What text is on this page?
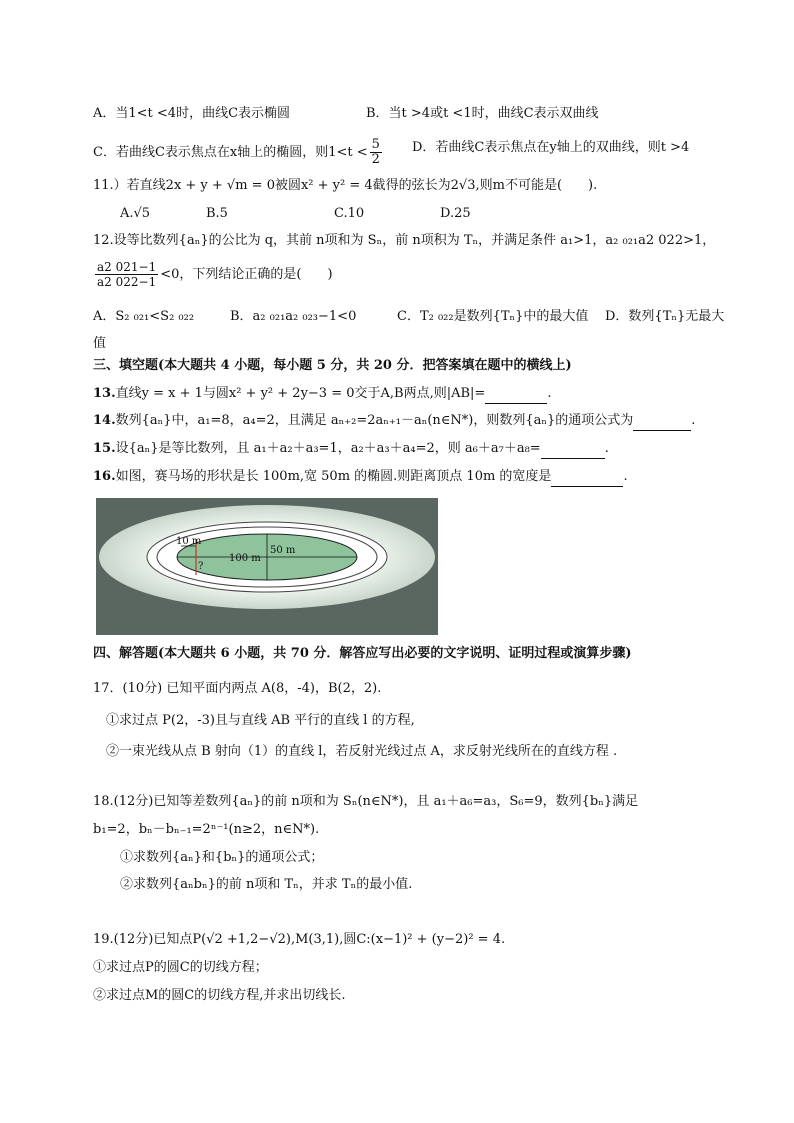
A．当1<t <4时，曲线C表示椭圆	B．当t >4或t <1时，曲线C表示双曲线
C．若曲线C表示焦点在x轴上的椭圆，则$1<t < \frac{5}{2}$ D．若曲线C表示焦点在y轴上的双曲线，则t >4
11.）若直线2x + y + √m = 0被圆x² + y² = 4截得的弦长为2√3,则m不可能是(　　).
A.√5	B.5	C.10	D.25
12.设等比数列{aₙ}的公比为 q，其前 n项和为 Sₙ，前 n项积为 Tₙ，并满足条件 a₁>1，a₂ ₀₂₁a2 022>1，
$\frac{a2 021-1}{a2 022-1} <0$，下列结论正确的是(　　)
A．S₂ ₀₂₁<S₂ ₀₂₂	B．a₂ ₀₂₁a₂ ₀₂₃−1<0	C．T₂ ₀₂₂是数列{Tₙ}中的最大值 D．数列{Tₙ}无最大
值
三、填空题(本大题共 4 小题，每小题 5 分，共 20 分．把答案填在题中的横线上)
13.直线y = x + 1与圆x² + y² + 2y−3 = 0交于A,B两点,则|AB|=	.
14.数列{aₙ}中，a₁=8，a₄=2，且满足 aₙ₊₂=2aₙ₊₁－aₙ(n∈N*)，则数列{aₙ}的通项公式为	.
15.设{aₙ}是等比数列，且 a₁＋a₂＋a₃=1，a₂＋a₃＋a₄=2，则 a₆＋a₇＋a₈=	.
16.如图，赛马场的形状是长 100m,宽 50m 的椭圆.则距离顶点 10m 的宽度是	.
10 m
100 m
50 m
?
四、解答题(本大题共 6 小题，共 70 分．解答应写出必要的文字说明、证明过程或演算步骤)
17．(10分) 已知平面内两点 A(8，-4)，B(2，2).
①求过点 P(2，-3)且与直线 AB 平行的直线 l 的方程,
②一束光线从点 B 射向（1）的直线 l，若反射光线过点 A，求反射光线所在的直线方程 .
18.(12分)已知等差数列{aₙ}的前 n项和为 Sₙ(n∈N*)，且 a₁＋a₆=a₃，S₆=9，数列{bₙ}满足
b₁=2，bₙ－bₙ₋₁=2ⁿ⁻¹(n≥2，n∈N*).
①求数列{aₙ}和{bₙ}的通项公式；
②求数列{aₙbₙ}的前 n项和 Tₙ，并求 Tₙ的最小值.
19.(12分)已知点P(√2 +1,2−√2),M(3,1),圆C:(x−1)² + (y−2)² = 4.
①求过点P的圆C的切线方程；
②求过点M的圆C的切线方程,并求出切线长.
